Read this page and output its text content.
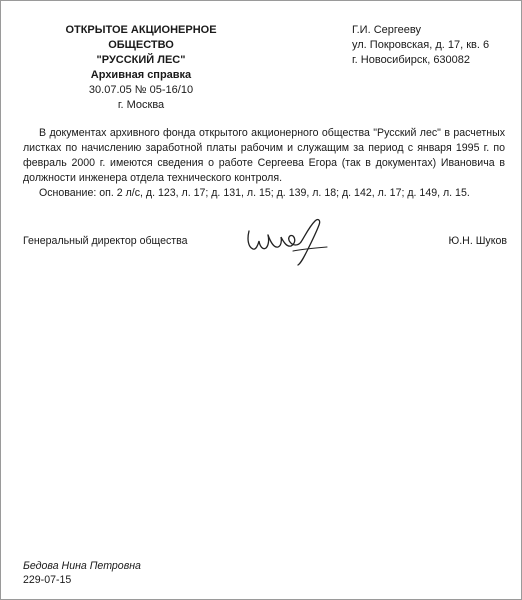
ОТКРЫТОЕ АКЦИОНЕРНОЕ
ОБЩЕСТВО
"РУССКИЙ ЛЕС"
Архивная справка
30.07.05 № 05-16/10
г. Москва
Г.И. Сергееву
ул. Покровская, д. 17, кв. 6
г. Новосибирск, 630082

В документах архивного фонда открытого акционерного общества "Русский лес" в расчетных листках по начислению заработной платы рабочим и служащим за период с января 1995 г. по февраль 2000 г. имеются сведения о работе Сергеева Егора (так в документах) Ивановича в должности инженера отдела технического контроля.

Основание: оп. 2 л/с, д. 123, л. 17; д. 131, л. 15; д. 139, л. 18; д. 142, л. 17; д. 149, л. 15.

Генеральный директор общества	Ю.Н. Шуков
Бедова Нина Петровна
229-07-15
